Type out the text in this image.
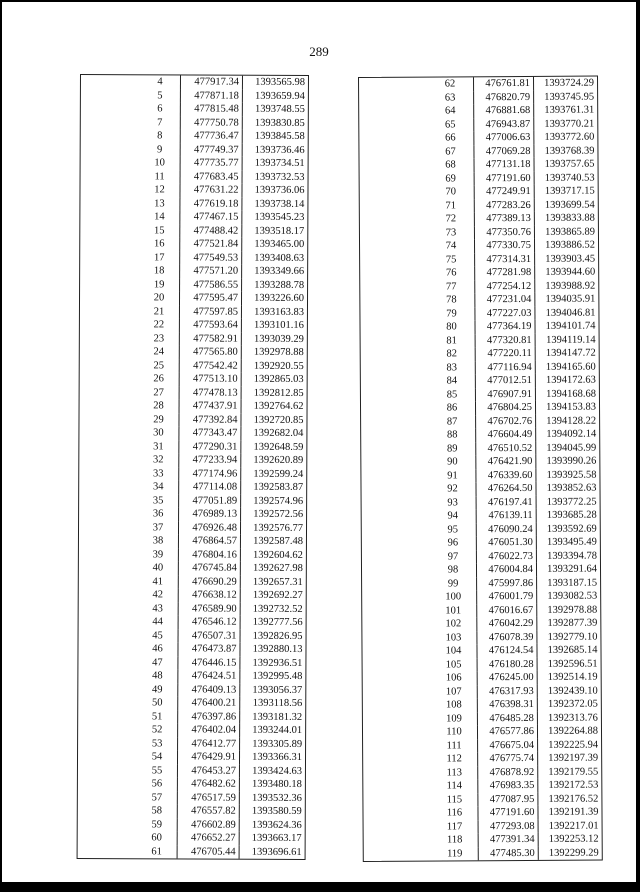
289
	4	477917.34	1393565.98
	5	477871.18	1393659.94
	6	477815.48	1393748.55
	7	477750.78	1393830.85
	8	477736.47	1393845.58
	9	477749.37	1393736.46
	10	477735.77	1393734.51
	11	477683.45	1393732.53
	12	477631.22	1393736.06
	13	477619.18	1393738.14
	14	477467.15	1393545.23
	15	477488.42	1393518.17
	16	477521.84	1393465.00
	17	477549.53	1393408.63
	18	477571.20	1393349.66
	19	477586.55	1393288.78
	20	477595.47	1393226.60
	21	477597.85	1393163.83
	22	477593.64	1393101.16
	23	477582.91	1393039.29
	24	477565.80	1392978.88
	25	477542.42	1392920.55
	26	477513.10	1392865.03
	27	477478.13	1392812.85
	28	477437.91	1392764.62
	29	477392.84	1392720.85
	30	477343.47	1392682.04
	31	477290.31	1392648.59
	32	477233.94	1392620.89
	33	477174.96	1392599.24
	34	477114.08	1392583.87
	35	477051.89	1392574.96
	36	476989.13	1392572.56
	37	476926.48	1392576.77
	38	476864.57	1392587.48
	39	476804.16	1392604.62
	40	476745.84	1392627.98
	41	476690.29	1392657.31
	42	476638.12	1392692.27
	43	476589.90	1392732.52
	44	476546.12	1392777.56
	45	476507.31	1392826.95
	46	476473.87	1392880.13
	47	476446.15	1392936.51
	48	476424.51	1392995.48
	49	476409.13	1393056.37
	50	476400.21	1393118.56
	51	476397.86	1393181.32
	52	476402.04	1393244.01
	53	476412.77	1393305.89
	54	476429.91	1393366.31
	55	476453.27	1393424.63
	56	476482.62	1393480.18
	57	476517.59	1393532.36
	58	476557.82	1393580.59
	59	476602.89	1393624.36
	60	476652.27	1393663.17
	61	476705.44	1393696.61
	62	476761.81	1393724.29
	63	476820.79	1393745.95
	64	476881.68	1393761.31
	65	476943.87	1393770.21
	66	477006.63	1393772.60
	67	477069.28	1393768.39
	68	477131.18	1393757.65
	69	477191.60	1393740.53
	70	477249.91	1393717.15
	71	477283.26	1393699.54
	72	477389.13	1393833.88
	73	477350.76	1393865.89
	74	477330.75	1393886.52
	75	477314.31	1393903.45
	76	477281.98	1393944.60
	77	477254.12	1393988.92
	78	477231.04	1394035.91
	79	477227.03	1394046.81
	80	477364.19	1394101.74
	81	477320.81	1394119.14
	82	477220.11	1394147.72
	83	477116.94	1394165.60
	84	477012.51	1394172.63
	85	476907.91	1394168.68
	86	476804.25	1394153.83
	87	476702.76	1394128.22
	88	476604.49	1394092.14
	89	476510.52	1394045.99
	90	476421.90	1393990.26
	91	476339.60	1393925.58
	92	476264.50	1393852.63
	93	476197.41	1393772.25
	94	476139.11	1393685.28
	95	476090.24	1393592.69
	96	476051.30	1393495.49
	97	476022.73	1393394.78
	98	476004.84	1393291.64
	99	475997.86	1393187.15
	100	476001.79	1393082.53
	101	476016.67	1392978.88
	102	476042.29	1392877.39
	103	476078.39	1392779.10
	104	476124.54	1392685.14
	105	476180.28	1392596.51
	106	476245.00	1392514.19
	107	476317.93	1392439.10
	108	476398.31	1392372.05
	109	476485.28	1392313.76
	110	476577.86	1392264.88
	111	476675.04	1392225.94
	112	476775.74	1392197.39
	113	476878.92	1392179.55
	114	476983.35	1392172.53
	115	477087.95	1392176.52
	116	477191.60	1392191.39
	117	477293.08	1392217.01
	118	477391.34	1392253.12
	119	477485.30	1392299.29
